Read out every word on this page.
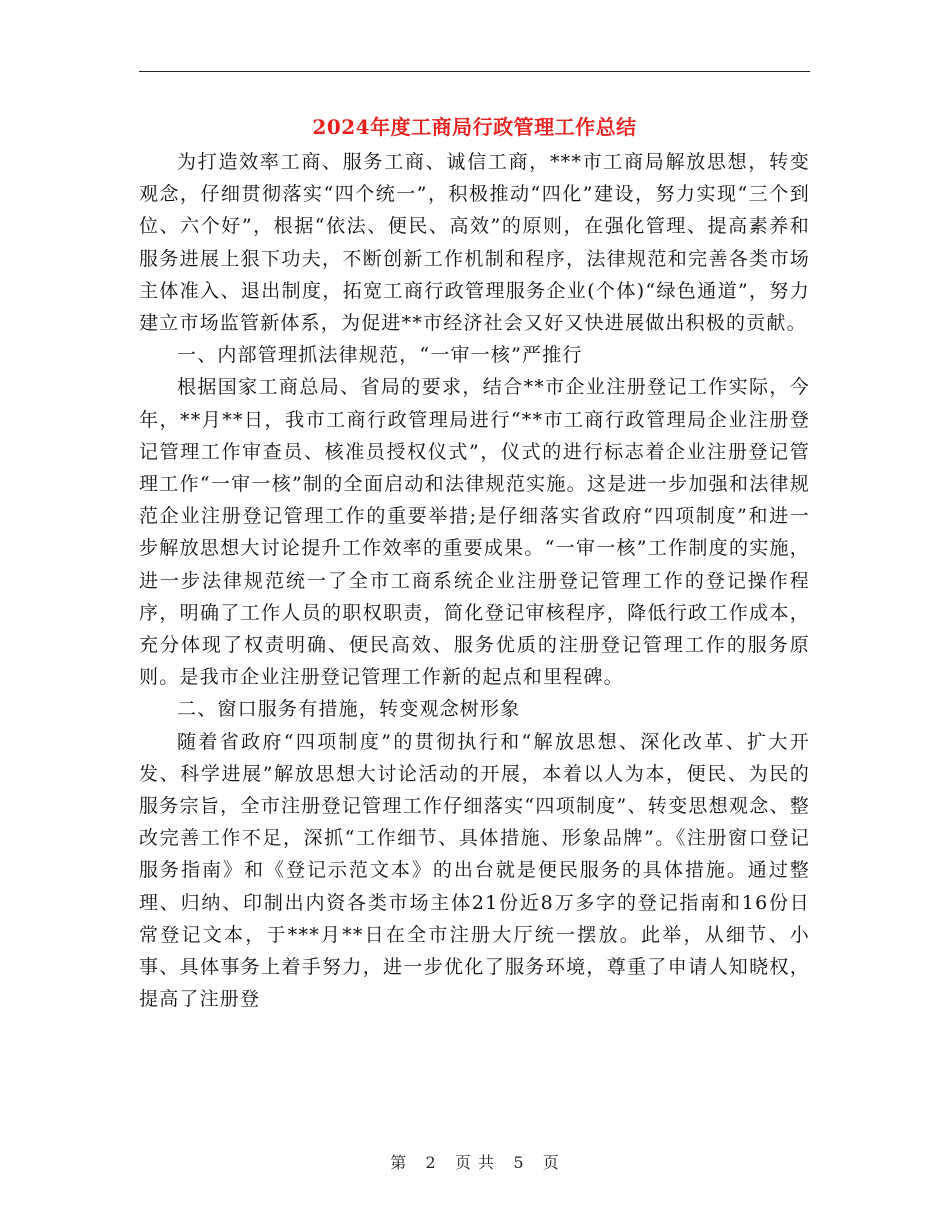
2024年度工商局行政管理工作总结

为打造效率工商、服务工商、诚信工商，***市工商局解放思想，转变观念，仔细贯彻落实“四个统一”，积极推动“四化”建设，努力实现“三个到位、六个好”，根据“依法、便民、高效”的原则，在强化管理、提高素养和服务进展上狠下功夫，不断创新工作机制和程序，法律规范和完善各类市场主体准入、退出制度，拓宽工商行政管理服务企业(个体)“绿色通道”，努力建立市场监管新体系，为促进**市经济社会又好又快进展做出积极的贡献。

一、内部管理抓法律规范，“一审一核”严推行

根据国家工商总局、省局的要求，结合**市企业注册登记工作实际，今年，**月**日，我市工商行政管理局进行“**市工商行政管理局企业注册登记管理工作审查员、核准员授权仪式”，仪式的进行标志着企业注册登记管理工作“一审一核”制的全面启动和法律规范实施。这是进一步加强和法律规范企业注册登记管理工作的重要举措;是仔细落实省政府“四项制度”和进一步解放思想大讨论提升工作效率的重要成果。“一审一核”工作制度的实施，进一步法律规范统一了全市工商系统企业注册登记管理工作的登记操作程序，明确了工作人员的职权职责，简化登记审核程序，降低行政工作成本，充分体现了权责明确、便民高效、服务优质的注册登记管理工作的服务原则。是我市企业注册登记管理工作新的起点和里程碑。

二、窗口服务有措施，转变观念树形象

随着省政府“四项制度”的贯彻执行和“解放思想、深化改革、扩大开发、科学进展”解放思想大讨论活动的开展，本着以人为本，便民、为民的服务宗旨，全市注册登记管理工作仔细落实“四项制度”、转变思想观念、整改完善工作不足，深抓“工作细节、具体措施、形象品牌”。《注册窗口登记服务指南》和《登记示范文本》的出台就是便民服务的具体措施。通过整理、归纳、印制出内资各类市场主体21份近8万多字的登记指南和16份日常登记文本，于***月**日在全市注册大厅统一摆放。此举，从细节、小事、具体事务上着手努力，进一步优化了服务环境，尊重了申请人知晓权，提高了注册登

第 2 页 共 5 页
